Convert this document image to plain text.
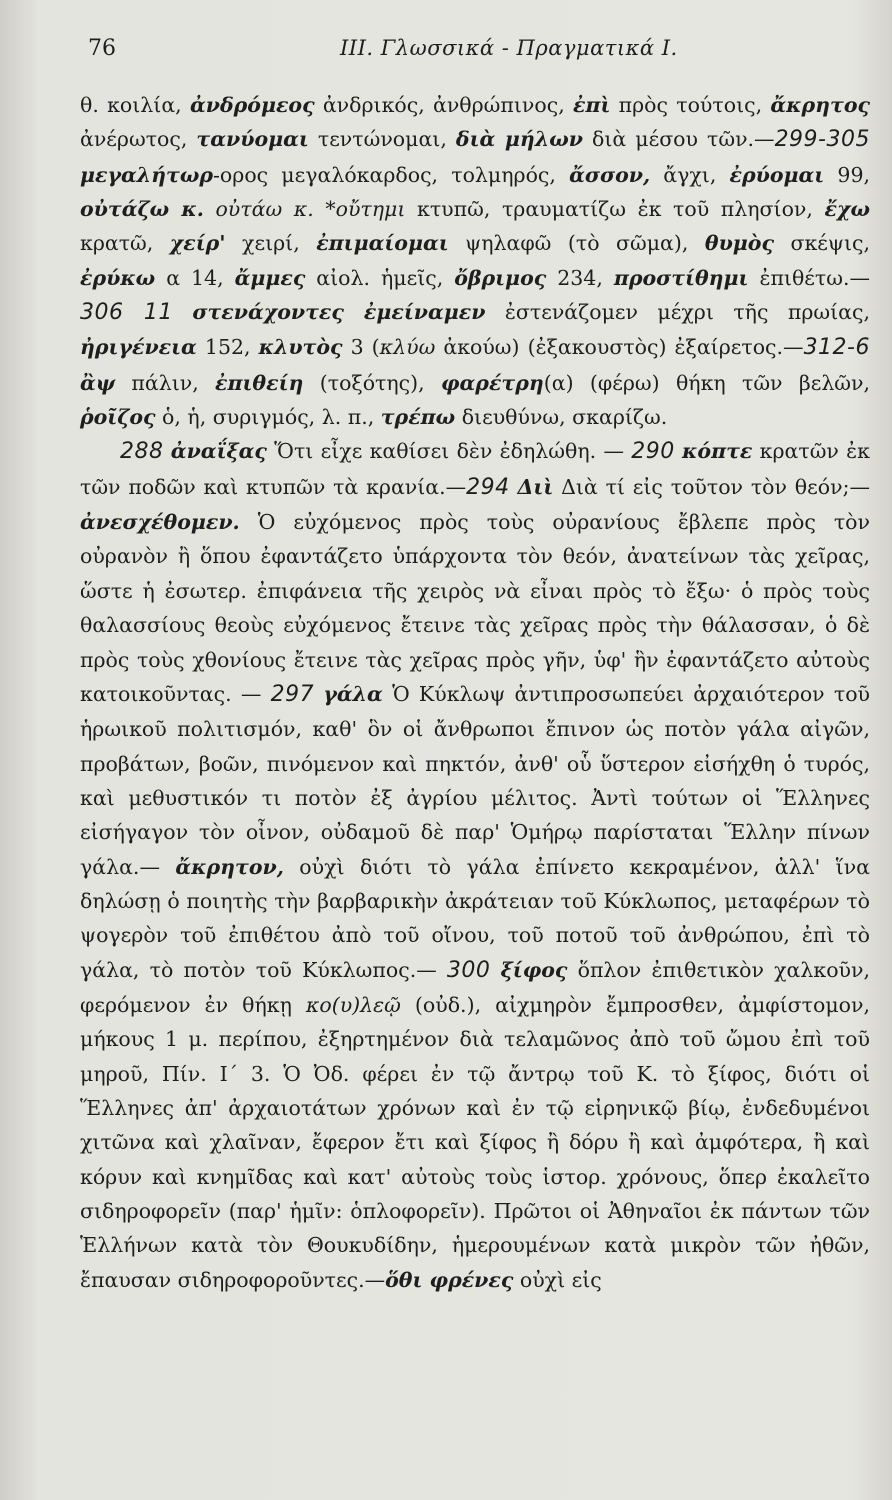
76	III. Γλωσσικά - Πραγματικά I.

θ. κοιλία, ἀνδρόμεος ἀνδρικός, ἀνθρώπινος, ἐπὶ πρὸς τούτοις, ἄκρητος ἀνέρωτος, τανύομαι τεντώνομαι, διὰ μήλων διὰ μέσου τῶν.—299-305 μεγαλήτωρ-ορος μεγαλόκαρδος, τολμηρός, ἄσσον, ἄγχι, ἐρύομαι 99, οὐτάζω κ. οὐτάω κ. *οὔτημι κτυπῶ, τραυματίζω ἐκ τοῦ πλησίον, ἔχω κρατῶ, χείρ' χειρί, ἐπιμαίομαι ψηλαφῶ (τὸ σῶμα), θυμὸς σκέψις, ἐρύκω α 14, ἄμμες αἰολ. ἡμεῖς, ὄβριμος 234, προστίθημι ἐπιθέτω.—306 11 στενάχοντες ἐμείναμεν ἐστενάζομεν μέχρι τῆς πρωίας, ἠριγένεια 152, κλυτὸς 3 (κλύω ἀκούω) (ἐξακουστὸς) ἐξαίρετος.—312-6 ἂψ πάλιν, ἐπιθείη (τοξότης), φαρέτρη(α) (φέρω) θήκη τῶν βελῶν, ῥοῖζος ὁ, ἡ, συριγμός, λ. π., τρέπω διευθύνω, σκαρίζω.

288 ἀναΐξας Ὅτι εἶχε καθίσει δὲν ἐδηλώθη. — 290 κόπτε κρατῶν ἐκ τῶν ποδῶν καὶ κτυπῶν τὰ κρανία.—294 Διὶ Διὰ τί εἰς τοῦτον τὸν θεόν;—ἀνεσχέθομεν. Ὁ εὐχόμενος πρὸς τοὺς οὐρανίους ἔβλεπε πρὸς τὸν οὐρανὸν ἢ ὅπου ἐφαντάζετο ὑπάρχοντα τὸν θεόν, ἀνατείνων τὰς χεῖρας, ὥστε ἡ ἐσωτερ. ἐπιφάνεια τῆς χειρὸς νὰ εἶναι πρὸς τὸ ἔξω· ὁ πρὸς τοὺς θαλασσίους θεοὺς εὐχόμενος ἔτεινε τὰς χεῖρας πρὸς τὴν θάλασσαν, ὁ δὲ πρὸς τοὺς χθονίους ἔτεινε τὰς χεῖρας πρὸς γῆν, ὑφ' ἣν ἐφαντάζετο αὐτοὺς κατοικοῦντας. — 297 γάλα Ὁ Κύκλωψ ἀντιπροσωπεύει ἀρχαιότερον τοῦ ἡρωικοῦ πολιτισμόν, καθ' ὃν οἱ ἄνθρωποι ἔπινον ὡς ποτὸν γάλα αἰγῶν, προβάτων, βοῶν, πινόμενον καὶ πηκτόν, ἀνθ' οὗ ὕστερον εἰσήχθη ὁ τυρός, καὶ μεθυστικόν τι ποτὸν ἐξ ἀγρίου μέλιτος. Ἀντὶ τούτων οἱ Ἕλληνες εἰσήγαγον τὸν οἶνον, οὐδαμοῦ δὲ παρ' Ὁμήρῳ παρίσταται Ἕλλην πίνων γάλα.— ἄκρητον, οὐχὶ διότι τὸ γάλα ἐπίνετο κεκραμένον, ἀλλ' ἵνα δηλώσῃ ὁ ποιητὴς τὴν βαρβαρικὴν ἀκράτειαν τοῦ Κύκλωπος, μεταφέρων τὸ ψογερὸν τοῦ ἐπιθέτου ἀπὸ τοῦ οἴνου, τοῦ ποτοῦ τοῦ ἀνθρώπου, ἐπὶ τὸ γάλα, τὸ ποτὸν τοῦ Κύκλωπος.— 300 ξίφος ὅπλον ἐπιθετικὸν χαλκοῦν, φερόμενον ἐν θήκῃ κο(υ)λεῷ (οὐδ.), αἰχμηρὸν ἔμπροσθεν, ἀμφίστομον, μήκους 1 μ. περίπου, ἐξηρτημένον διὰ τελαμῶνος ἀπὸ τοῦ ὤμου ἐπὶ τοῦ μηροῦ, Πίν. Ι΄ 3. Ὁ Ὀδ. φέρει ἐν τῷ ἄντρῳ τοῦ Κ. τὸ ξίφος, διότι οἱ Ἕλληνες ἀπ' ἀρχαιοτάτων χρόνων καὶ ἐν τῷ εἰρηνικῷ βίῳ, ἐνδεδυμένοι χιτῶνα καὶ χλαῖναν, ἔφερον ἔτι καὶ ξίφος ἢ δόρυ ἢ καὶ ἀμφότερα, ἢ καὶ κόρυν καὶ κνημῖδας καὶ κατ' αὐτοὺς τοὺς ἱστορ. χρόνους, ὅπερ ἐκαλεῖτο σιδηροφορεῖν (παρ' ἡμῖν: ὁπλοφορεῖν). Πρῶτοι οἱ Ἀθηναῖοι ἐκ πάντων τῶν Ἑλλήνων κατὰ τὸν Θουκυδίδην, ἡμερουμένων κατὰ μικρὸν τῶν ἠθῶν, ἔπαυσαν σιδηροφοροῦντες.—ὅθι φρένες οὐχὶ εἰς
